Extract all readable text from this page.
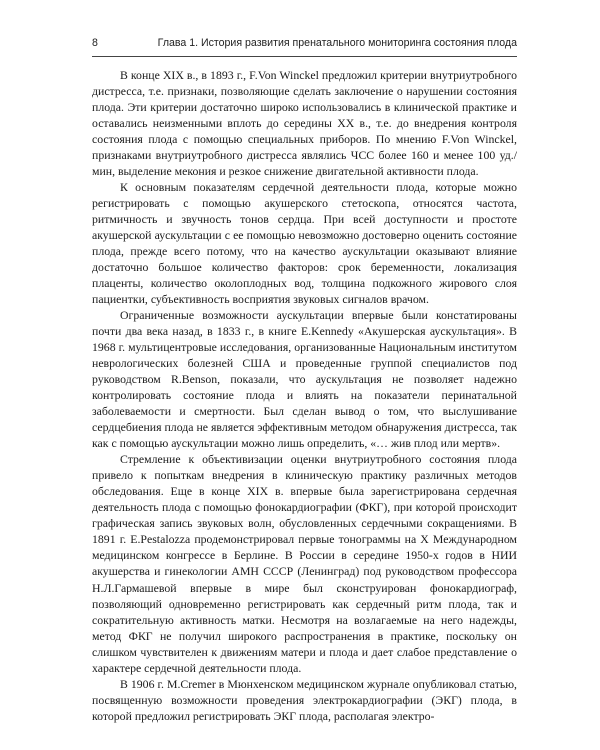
8	Глава 1. История развития пренатального мониторинга состояния плода

В конце XIX в., в 1893 г., F.Von Winckel предложил критерии внутриутробного дистресса, т.е. признаки, позволяющие сделать заключение о нарушении состояния плода. Эти критерии достаточно широко использовались в клинической практике и оставались неизменными вплоть до середины XX в., т.е. до внедрения контроля состояния плода с помощью специальных приборов. По мнению F.Von Winckel, признаками внутриутробного дистресса являлись ЧСС более 160 и менее 100 уд./мин, выделение мекония и резкое снижение двигательной активности плода.

К основным показателям сердечной деятельности плода, которые можно регистрировать с помощью акушерского стетоскопа, относятся частота, ритмичность и звучность тонов сердца. При всей доступности и простоте акушерской аускультации с ее помощью невозможно достоверно оценить состояние плода, прежде всего потому, что на качество аускультации оказывают влияние достаточно большое количество факторов: срок беременности, локализация плаценты, количество околоплодных вод, толщина подкожного жирового слоя пациентки, субъективность восприятия звуковых сигналов врачом.

Ограниченные возможности аускультации впервые были констатированы почти два века назад, в 1833 г., в книге E.Kennedy «Акушерская аускультация». В 1968 г. мультицентровые исследования, организованные Национальным институтом неврологических болезней США и проведенные группой специалистов под руководством R.Benson, показали, что аускультация не позволяет надежно контролировать состояние плода и влиять на показатели перинатальной заболеваемости и смертности. Был сделан вывод о том, что выслушивание сердцебиения плода не является эффективным методом обнаружения дистресса, так как с помощью аускультации можно лишь определить, «… жив плод или мертв».

Стремление к объективизации оценки внутриутробного состояния плода привело к попыткам внедрения в клиническую практику различных методов обследования. Еще в конце XIX в. впервые была зарегистрирована сердечная деятельность плода с помощью фонокардиографии (ФКГ), при которой происходит графическая запись звуковых волн, обусловленных сердечными сокращениями. В 1891 г. E.Pestalozza продемонстрировал первые тонограммы на X Международном медицинском конгрессе в Берлине. В России в середине 1950-х годов в НИИ акушерства и гинекологии АМН СССР (Ленинград) под руководством профессора Н.Л.Гармашевой впервые в мире был сконструирован фонокардиограф, позволяющий одновременно регистрировать как сердечный ритм плода, так и сократительную активность матки. Несмотря на возлагаемые на него надежды, метод ФКГ не получил широкого распространения в практике, поскольку он слишком чувствителен к движениям матери и плода и дает слабое представление о характере сердечной деятельности плода.

В 1906 г. M.Cremer в Мюнхенском медицинском журнале опубликовал статью, посвященную возможности проведения электрокардиографии (ЭКГ) плода, в которой предложил регистрировать ЭКГ плода, располагая электро-
